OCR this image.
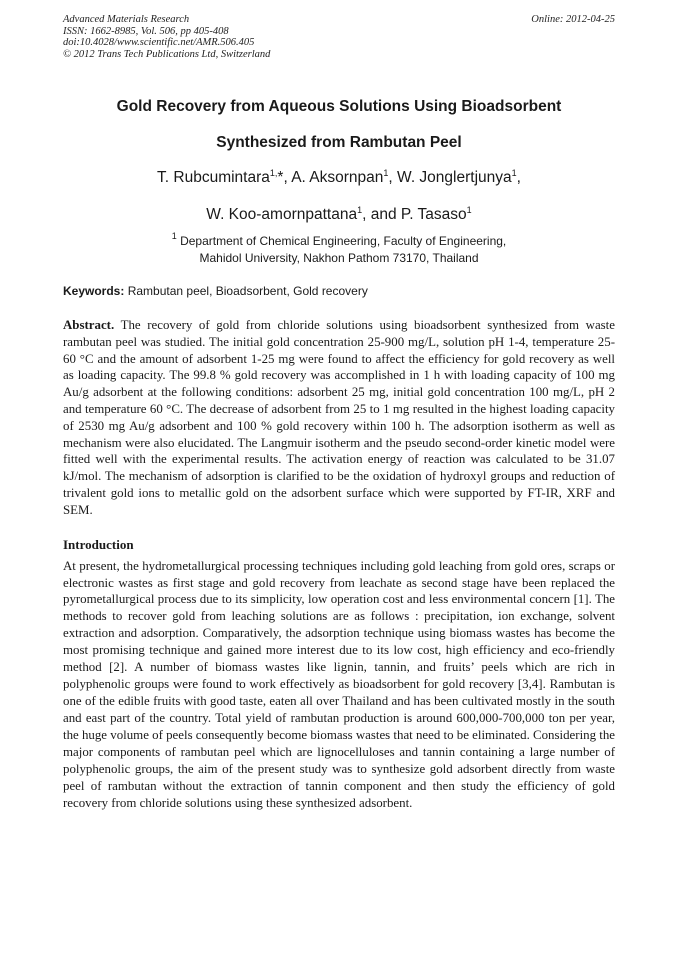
Advanced Materials Research
ISSN: 1662-8985, Vol. 506, pp 405-408
doi:10.4028/www.scientific.net/AMR.506.405
© 2012 Trans Tech Publications Ltd, Switzerland
Online: 2012-04-25

Gold Recovery from Aqueous Solutions Using Bioadsorbent

Synthesized from Rambutan Peel

T. Rubcumintara$^{1,}$*, A. Aksornpan$^1$, W. Jonglertjunya$^1$,

W. Koo-amornpattana$^1$, and P. Tasaso$^1$

$^1$ Department of Chemical Engineering, Faculty of Engineering,
Mahidol University, Nakhon Pathom 73170, Thailand

Keywords: Rambutan peel, Bioadsorbent, Gold recovery

Abstract. The recovery of gold from chloride solutions using bioadsorbent synthesized from waste rambutan peel was studied. The initial gold concentration 25-900 mg/L, solution pH 1-4, temperature 25-60 °C and the amount of adsorbent 1-25 mg were found to affect the efficiency for gold recovery as well as loading capacity. The 99.8 % gold recovery was accomplished in 1 h with loading capacity of 100 mg Au/g adsorbent at the following conditions: adsorbent 25 mg, initial gold concentration 100 mg/L, pH 2 and temperature 60 °C. The decrease of adsorbent from 25 to 1 mg resulted in the highest loading capacity of 2530 mg Au/g adsorbent and 100 % gold recovery within 100 h. The adsorption isotherm as well as mechanism were also elucidated. The Langmuir isotherm and the pseudo second-order kinetic model were fitted well with the experimental results. The activation energy of reaction was calculated to be 31.07 kJ/mol. The mechanism of adsorption is clarified to be the oxidation of hydroxyl groups and reduction of trivalent gold ions to metallic gold on the adsorbent surface which were supported by FT-IR, XRF and SEM.

Introduction

At present, the hydrometallurgical processing techniques including gold leaching from gold ores, scraps or electronic wastes as first stage and gold recovery from leachate as second stage have been replaced the pyrometallurgical process due to its simplicity, low operation cost and less environmental concern [1]. The methods to recover gold from leaching solutions are as follows : precipitation, ion exchange, solvent extraction and adsorption. Comparatively, the adsorption technique using biomass wastes has become the most promising technique and gained more interest due to its low cost, high efficiency and eco-friendly method [2]. A number of biomass wastes like lignin, tannin, and fruits’ peels which are rich in polyphenolic groups were found to work effectively as bioadsorbent for gold recovery [3,4]. Rambutan is one of the edible fruits with good taste, eaten all over Thailand and has been cultivated mostly in the south and east part of the country. Total yield of rambutan production is around 600,000-700,000 ton per year, the huge volume of peels consequently become biomass wastes that need to be eliminated. Considering the major components of rambutan peel which are lignocelluloses and tannin containing a large number of polyphenolic groups, the aim of the present study was to synthesize gold adsorbent directly from waste peel of rambutan without the extraction of tannin component and then study the efficiency of gold recovery from chloride solutions using these synthesized adsorbent.
